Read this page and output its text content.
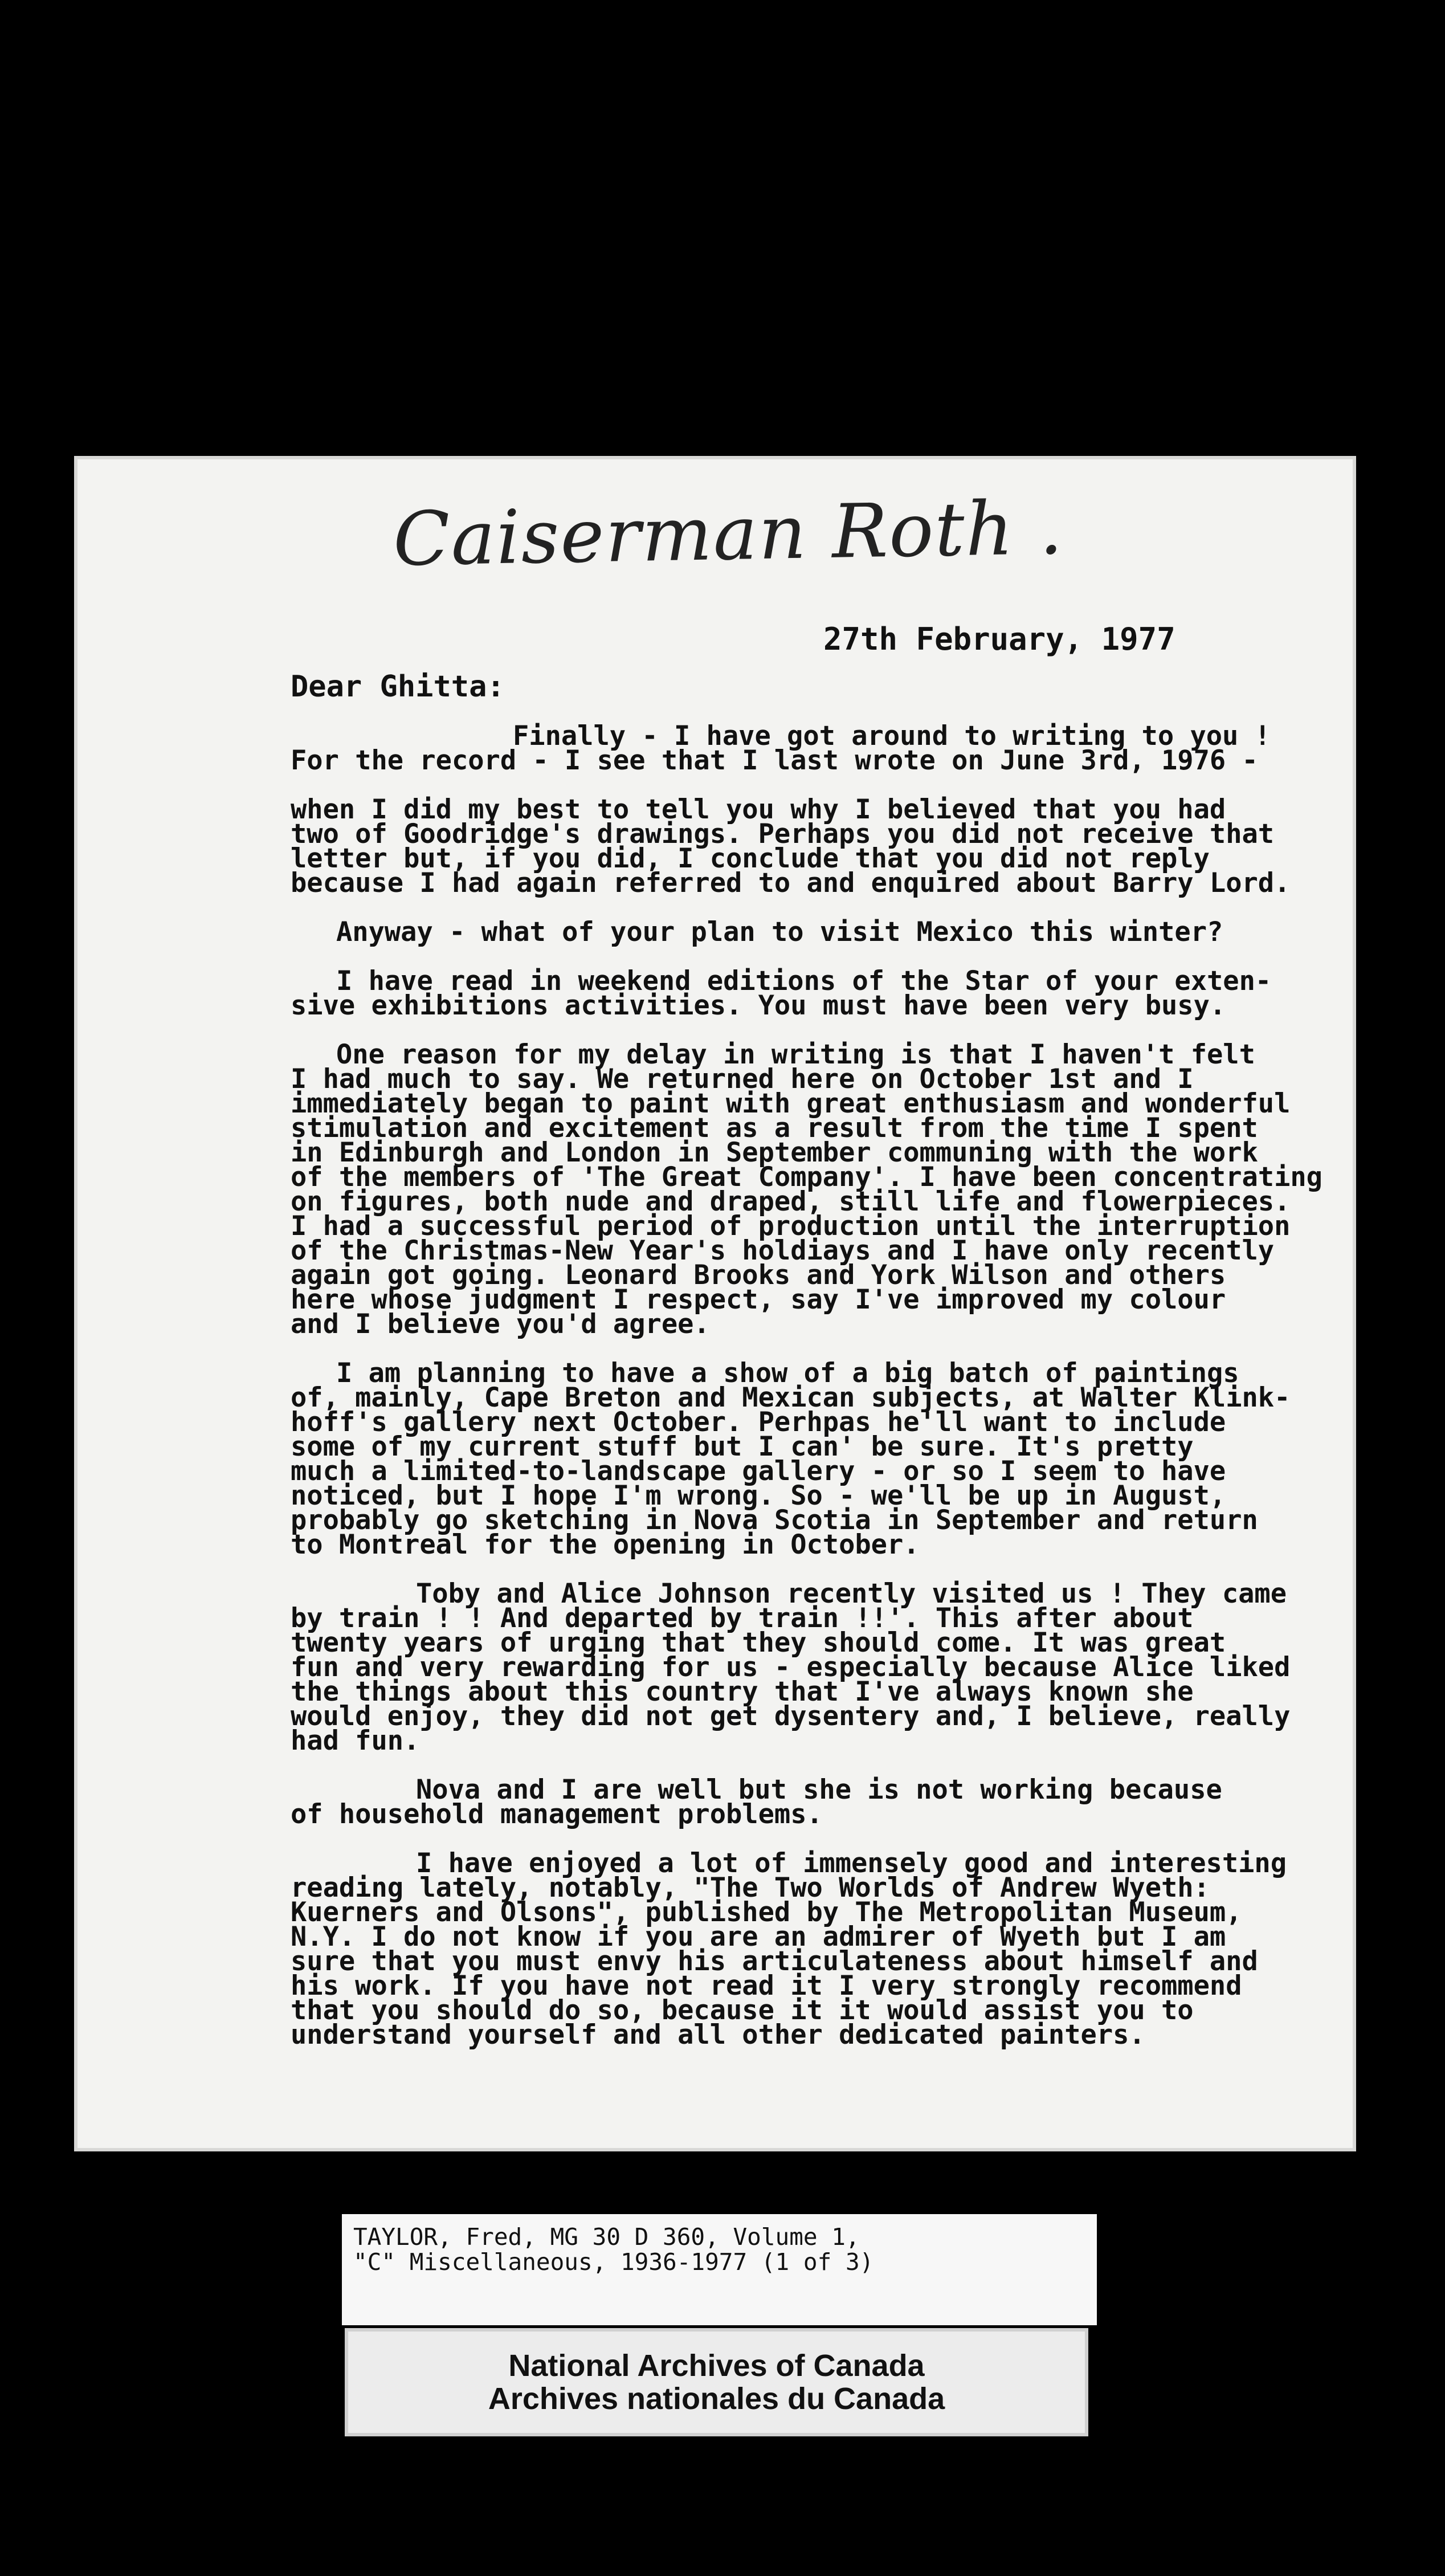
Caiserman Roth .
27th February, 1977
Dear Ghitta:

Finally - I have got around to writing to you !
For the record - I see that I last wrote on June 3rd, 1976 -

when I did my best to tell you why I believed that you had
two of Goodridge's drawings. Perhaps you did not receive that
letter but, if you did, I conclude that you did not reply
because I had again referred to and enquired about Barry Lord.

Anyway - what of your plan to visit Mexico this winter?

I have read in weekend editions of the Star of your exten-
sive exhibitions activities. You must have been very busy.

One reason for my delay in writing is that I haven't felt
I had much to say. We returned here on October 1st and I
immediately began to paint with great enthusiasm and wonderful
stimulation and excitement as a result from the time I spent
in Edinburgh and London in September communing with the work
of the members of 'The Great Company'. I have been concentrating
on figures, both nude and draped, still life and flowerpieces.
I had a successful period of production until the interruption
of the Christmas-New Year's holdiays and I have only recently
again got going. Leonard Brooks and York Wilson and others
here whose judgment I respect, say I've improved my colour
and I believe you'd agree.

I am planning to have a show of a big batch of paintings
of, mainly, Cape Breton and Mexican subjects, at Walter Klink-
hoff's gallery next October. Perhpas he'll want to include
some of my current stuff but I can' be sure. It's pretty
much a limited-to-landscape gallery - or so I seem to have
noticed, but I hope I'm wrong. So - we'll be up in August,
probably go sketching in Nova Scotia in September and return
to Montreal for the opening in October.

Toby and Alice Johnson recently visited us ! They came
by train ! ! And departed by train !!'. This after about
twenty years of urging that they should come. It was great
fun and very rewarding for us - especially because Alice liked
the things about this country that I've always known she
would enjoy, they did not get dysentery and, I believe, really
had fun.

Nova and I are well but she is not working because
of household management problems.

I have enjoyed a lot of immensely good and interesting
reading lately, notably, "The Two Worlds of Andrew Wyeth:
Kuerners and Olsons", published by The Metropolitan Museum,
N.Y. I do not know if you are an admirer of Wyeth but I am
sure that you must envy his articulateness about himself and
his work. If you have not read it I very strongly recommend
that you should do so, because it it would assist you to
understand yourself and all other dedicated painters.

TAYLOR, Fred, MG 30 D 360, Volume 1,
"C" Miscellaneous, 1936-1977 (1 of 3)
National Archives of Canada
Archives nationales du Canada
